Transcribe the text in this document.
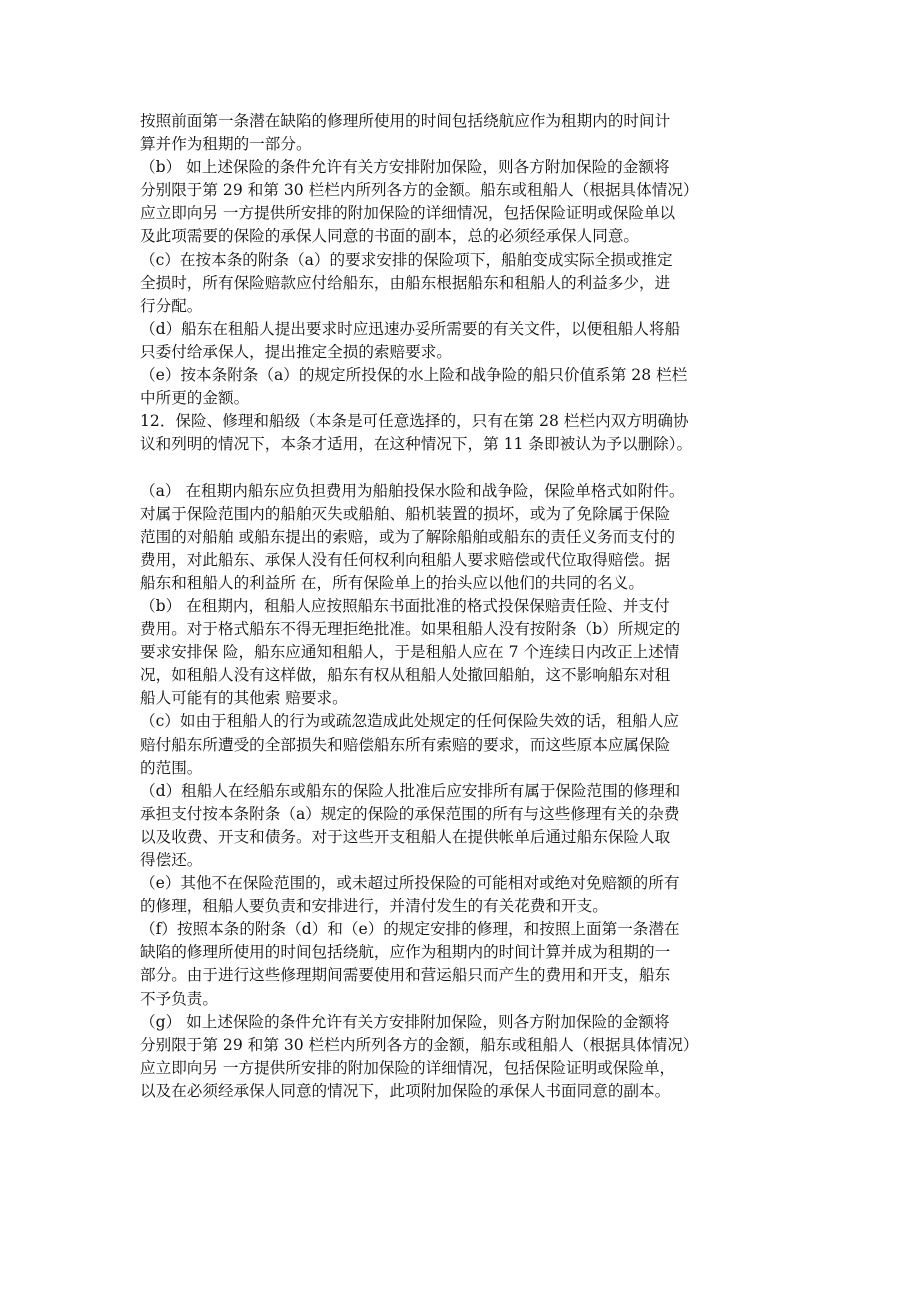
按照前面第一条潜在缺陷的修理所使用的时间包括绕航应作为租期内的时间计
算并作为租期的一部分。
（b） 如上述保险的条件允许有关方安排附加保险，则各方附加保险的金额将
分别限于第 29 和第 30 栏栏内所列各方的金额。船东或租船人（根据具体情况）
应立即向另 一方提供所安排的附加保险的详细情况，包括保险证明或保险单以
及此项需要的保险的承保人同意的书面的副本，总的必须经承保人同意。
（c）在按本条的附条（a）的要求安排的保险项下，船舶变成实际全损或推定
全损时，所有保险赔款应付给船东，由船东根据船东和租船人的利益多少，进
行分配。
（d）船东在租船人提出要求时应迅速办妥所需要的有关文件，以便租船人将船
只委付给承保人，提出推定全损的索赔要求。
（e）按本条附条（a）的规定所投保的水上险和战争险的船只价值系第 28 栏栏
中所更的金额。
12．保险、修理和船级（本条是可任意选择的，只有在第 28 栏栏内双方明确协
议和列明的情况下，本条才适用，在这种情况下，第 11 条即被认为予以删除）。
（a） 在租期内船东应负担费用为船舶投保水险和战争险，保险单格式如附件。
对属于保险范围内的船舶灭失或船舶、船机装置的损坏，或为了免除属于保险
范围的对船舶 或船东提出的索赔，或为了解除船舶或船东的责任义务而支付的
费用，对此船东、承保人没有任何权利向租船人要求赔偿或代位取得赔偿。据
船东和租船人的利益所 在，所有保险单上的抬头应以他们的共同的名义。
（b） 在租期内，租船人应按照船东书面批准的格式投保保赔责任险、并支付
费用。对于格式船东不得无理拒绝批准。如果租船人没有按附条（b）所规定的
要求安排保 险，船东应通知租船人，于是租船人应在 7 个连续日内改正上述情
况，如租船人没有这样做，船东有权从租船人处撤回船舶，这不影响船东对租
船人可能有的其他索 赔要求。
（c）如由于租船人的行为或疏忽造成此处规定的任何保险失效的话，租船人应
赔付船东所遭受的全部损失和赔偿船东所有索赔的要求，而这些原本应属保险
的范围。
（d）租船人在经船东或船东的保险人批准后应安排所有属于保险范围的修理和
承担支付按本条附条（a）规定的保险的承保范围的所有与这些修理有关的杂费
以及收费、开支和债务。对于这些开支租船人在提供帐单后通过船东保险人取
得偿还。
（e）其他不在保险范围的，或未超过所投保险的可能相对或绝对免赔额的所有
的修理，租船人要负责和安排进行，并清付发生的有关花费和开支。
（f）按照本条的附条（d）和（e）的规定安排的修理，和按照上面第一条潜在
缺陷的修理所使用的时间包括绕航，应作为租期内的时间计算并成为租期的一
部分。由于进行这些修理期间需要使用和营运船只而产生的费用和开支，船东
不予负责。
（g） 如上述保险的条件允许有关方安排附加保险，则各方附加保险的金额将
分别限于第 29 和第 30 栏栏内所列各方的金额，船东或租船人（根据具体情况）
应立即向另 一方提供所安排的附加保险的详细情况，包括保险证明或保险单，
以及在必须经承保人同意的情况下，此项附加保险的承保人书面同意的副本。
